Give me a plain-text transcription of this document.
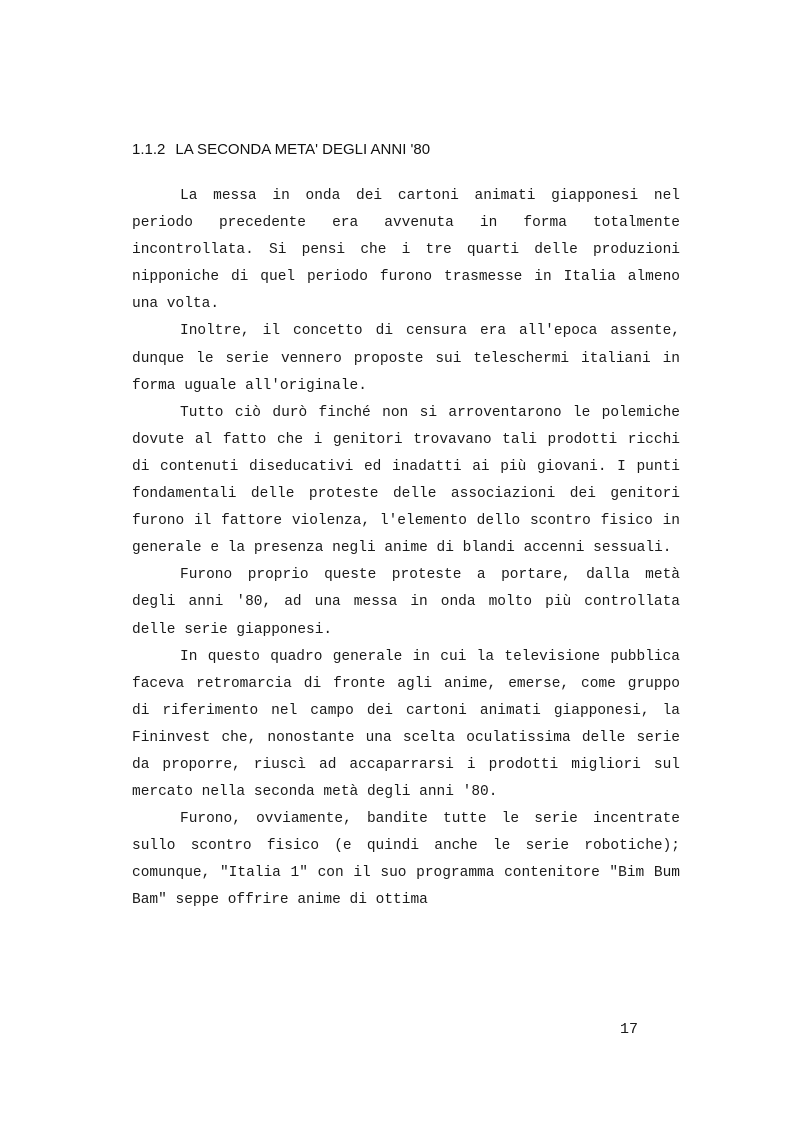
1.1.2 LA SECONDA META' DEGLI ANNI '80

La messa in onda dei cartoni animati giapponesi nel periodo precedente era avvenuta in forma totalmente incontrollata. Si pensi che i tre quarti delle produzioni nipponiche di quel periodo furono trasmesse in Italia almeno una volta.

Inoltre, il concetto di censura era all'epoca assente, dunque le serie vennero proposte sui teleschermi italiani in forma uguale all'originale.

Tutto ciò durò finché non si arroventarono le polemiche dovute al fatto che i genitori trovavano tali prodotti ricchi di contenuti diseducativi ed inadatti ai più giovani. I punti fondamentali delle proteste delle associazioni dei genitori furono il fattore violenza, l'elemento dello scontro fisico in generale e la presenza negli anime di blandi accenni sessuali.

Furono proprio queste proteste a portare, dalla metà degli anni '80, ad una messa in onda molto più controllata delle serie giapponesi.

In questo quadro generale in cui la televisione pubblica faceva retromarcia di fronte agli anime, emerse, come gruppo di riferimento nel campo dei cartoni animati giapponesi, la Fininvest che, nonostante una scelta oculatissima delle serie da proporre, riuscì ad accaparrarsi i prodotti migliori sul mercato nella seconda metà degli anni '80.

Furono, ovviamente, bandite tutte le serie incentrate sullo scontro fisico (e quindi anche le serie robotiche); comunque, "Italia 1" con il suo programma contenitore "Bim Bum Bam" seppe offrire anime di ottima

17
